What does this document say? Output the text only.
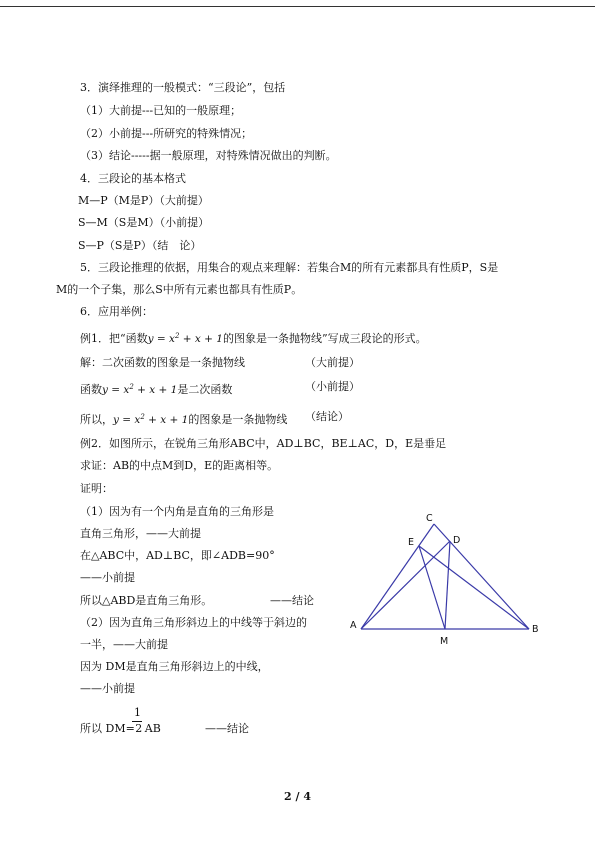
3．演绎推理的一般模式：“三段论”，包括
（1）大前提---已知的一般原理；
（2）小前提---所研究的特殊情况；
（3）结论-----据一般原理，对特殊情况做出的判断。
4．三段论的基本格式
M—P（M是P）（大前提）
S—M（S是M）（小前提）
S—P（S是P）（结　论）
5．三段论推理的依据，用集合的观点来理解：若集合M的所有元素都具有性质P，S是
M的一个子集，那么S中所有元素也都具有性质P。
6．应用举例：
例1．把“函数$y = x^2 + x + 1$的图象是一条抛物线”写成三段论的形式。
解：二次函数的图象是一条抛物线	（大前提）
函数$y = x^2 + x + 1$是二次函数	（小前提）
所以，$y = x^2 + x + 1$的图象是一条抛物线 （结论）
例2．如图所示，在锐角三角形ABC中，AD⊥BC，BE⊥AC，D，E是垂足
求证：AB的中点M到D，E的距离相等。
证明：
（1）因为有一个内角是直角的三角形是
直角三角形，——大前提
在△ABC中，AD⊥BC，即∠ADB=90°
——小前提
所以△ABD是直角三角形。	——结论
（2）因为直角三角形斜边上的中线等于斜边的
一半，——大前提
因为 DM是直角三角形斜边上的中线，
——小前提
1
所以 DM=2 AB	——结论
C
E	D
A	B
M
2 / 4
